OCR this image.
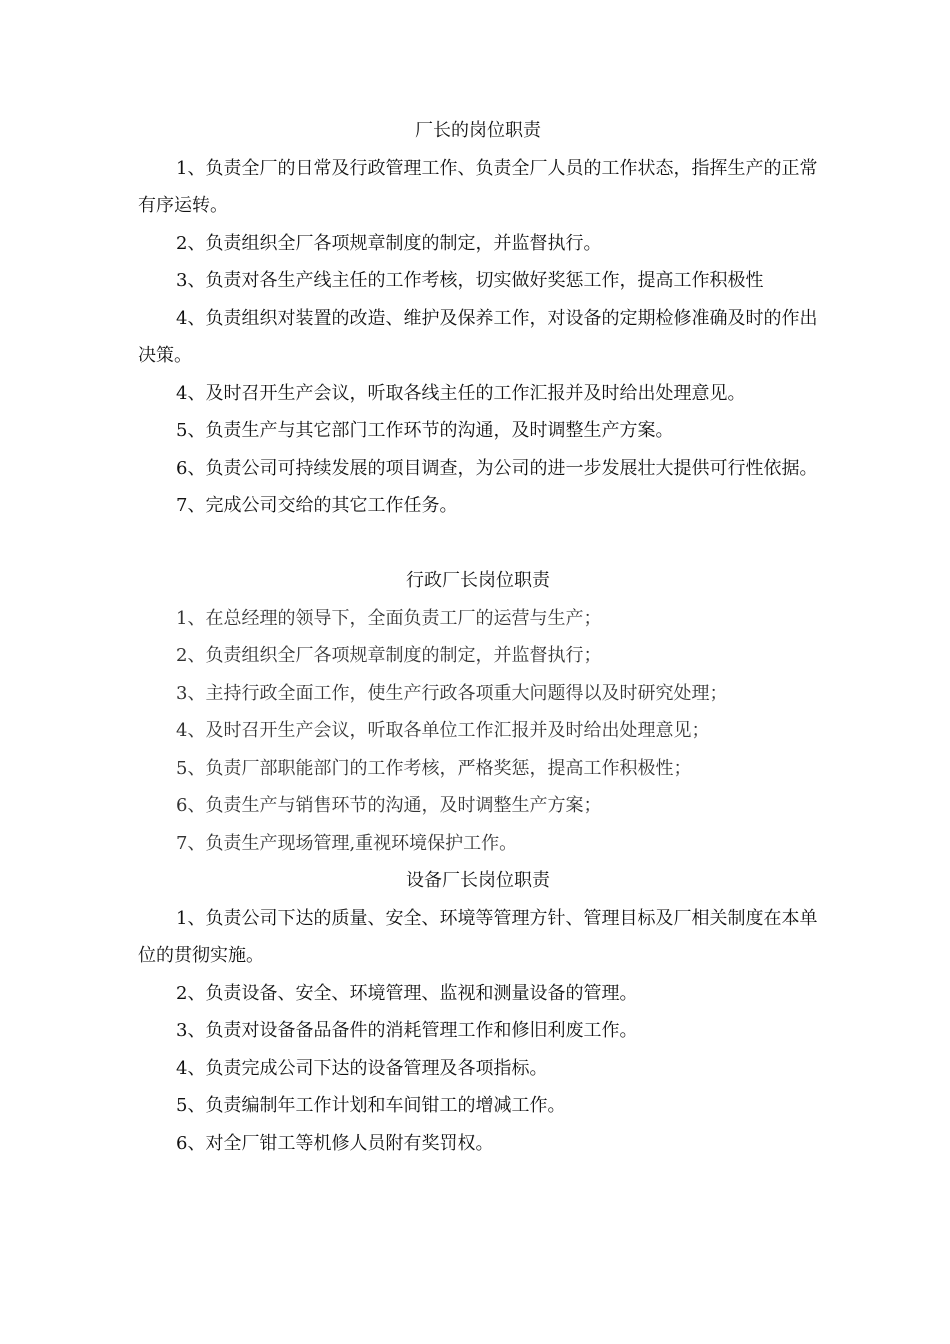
厂长的岗位职责

1、负责全厂的日常及行政管理工作、负责全厂人员的工作状态，指挥生产的正常有序运转。

2、负责组织全厂各项规章制度的制定，并监督执行。

3、负责对各生产线主任的工作考核，切实做好奖惩工作，提高工作积极性

4、负责组织对装置的改造、维护及保养工作，对设备的定期检修准确及时的作出决策。

4、及时召开生产会议，听取各线主任的工作汇报并及时给出处理意见。

5、负责生产与其它部门工作环节的沟通，及时调整生产方案。

6、负责公司可持续发展的项目调查，为公司的进一步发展壮大提供可行性依据。

7、完成公司交给的其它工作任务。

行政厂长岗位职责

1、在总经理的领导下，全面负责工厂的运营与生产；

2、负责组织全厂各项规章制度的制定，并监督执行；

3、主持行政全面工作，使生产行政各项重大问题得以及时研究处理；

4、及时召开生产会议，听取各单位工作汇报并及时给出处理意见；

5、负责厂部职能部门的工作考核，严格奖惩，提高工作积极性；

6、负责生产与销售环节的沟通，及时调整生产方案；

7、负责生产现场管理,重视环境保护工作。

设备厂长岗位职责

1、负责公司下达的质量、安全、环境等管理方针、管理目标及厂相关制度在本单位的贯彻实施。

2、负责设备、安全、环境管理、监视和测量设备的管理。

3、负责对设备备品备件的消耗管理工作和修旧利废工作。

4、负责完成公司下达的设备管理及各项指标。

5、负责编制年工作计划和车间钳工的增减工作。

6、对全厂钳工等机修人员附有奖罚权。
